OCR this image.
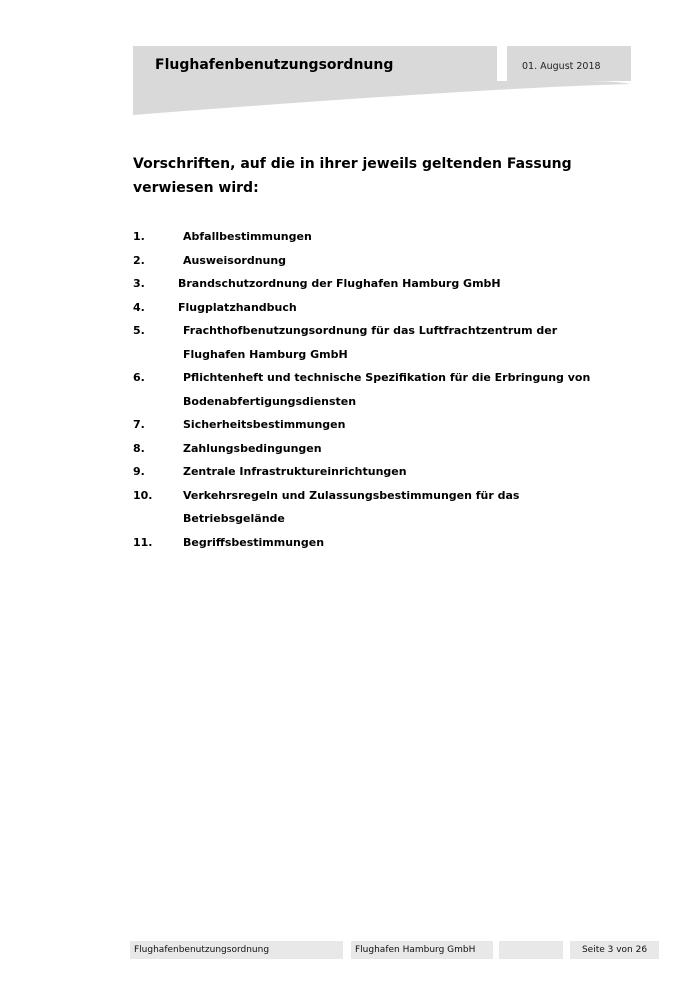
Flughafenbenutzungsordnung	01. August 2018
Vorschriften, auf die in ihrer jeweils geltenden Fassung verwiesen wird:
1.	Abfallbestimmungen
2.	Ausweisordnung
3.	Brandschutzordnung der Flughafen Hamburg GmbH
4.	Flugplatzhandbuch
5.	Frachthofbenutzungsordnung für das Luftfrachtzentrum der Flughafen Hamburg GmbH
6.	Pflichtenheft und technische Spezifikation für die Erbringung von Bodenabfertigungsdiensten
7.	Sicherheitsbestimmungen
8.	Zahlungsbedingungen
9.	Zentrale Infrastruktureinrichtungen
10.	Verkehrsregeln und Zulassungsbestimmungen für das Betriebsgelände
11.	Begriffsbestimmungen
Flughafenbenutzungsordnung	Flughafen Hamburg GmbH	Seite 3 von 26
